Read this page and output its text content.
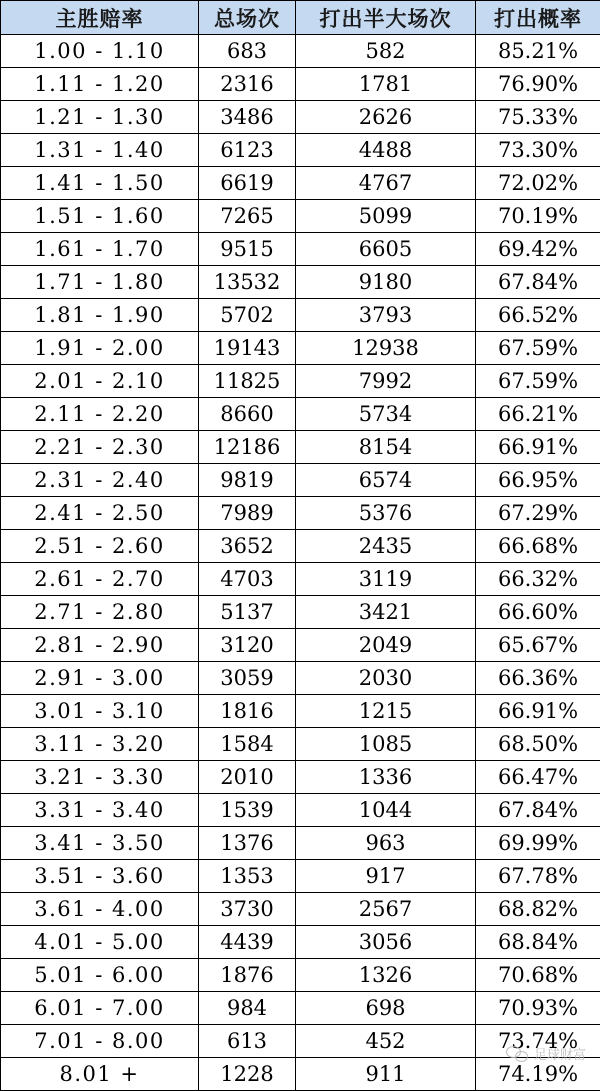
主胜赔率	总场次	打出半大场次	打出概率
1.00 - 1.10	683	582	85.21%
1.11 - 1.20	2316	1781	76.90%
1.21 - 1.30	3486	2626	75.33%
1.31 - 1.40	6123	4488	73.30%
1.41 - 1.50	6619	4767	72.02%
1.51 - 1.60	7265	5099	70.19%
1.61 - 1.70	9515	6605	69.42%
1.71 - 1.80	13532	9180	67.84%
1.81 - 1.90	5702	3793	66.52%
1.91 - 2.00	19143	12938	67.59%
2.01 - 2.10	11825	7992	67.59%
2.11 - 2.20	8660	5734	66.21%
2.21 - 2.30	12186	8154	66.91%
2.31 - 2.40	9819	6574	66.95%
2.41 - 2.50	7989	5376	67.29%
2.51 - 2.60	3652	2435	66.68%
2.61 - 2.70	4703	3119	66.32%
2.71 - 2.80	5137	3421	66.60%
2.81 - 2.90	3120	2049	65.67%
2.91 - 3.00	3059	2030	66.36%
3.01 - 3.10	1816	1215	66.91%
3.11 - 3.20	1584	1085	68.50%
3.21 - 3.30	2010	1336	66.47%
3.31 - 3.40	1539	1044	67.84%
3.41 - 3.50	1376	963	69.99%
3.51 - 3.60	1353	917	67.78%
3.61 - 4.00	3730	2567	68.82%
4.01 - 5.00	4439	3056	68.84%
5.01 - 6.00	1876	1326	70.68%
6.01 - 7.00	984	698	70.93%
7.01 - 8.00	613	452	73.74%
8.01 +	1228	911	74.19%
足球财富
